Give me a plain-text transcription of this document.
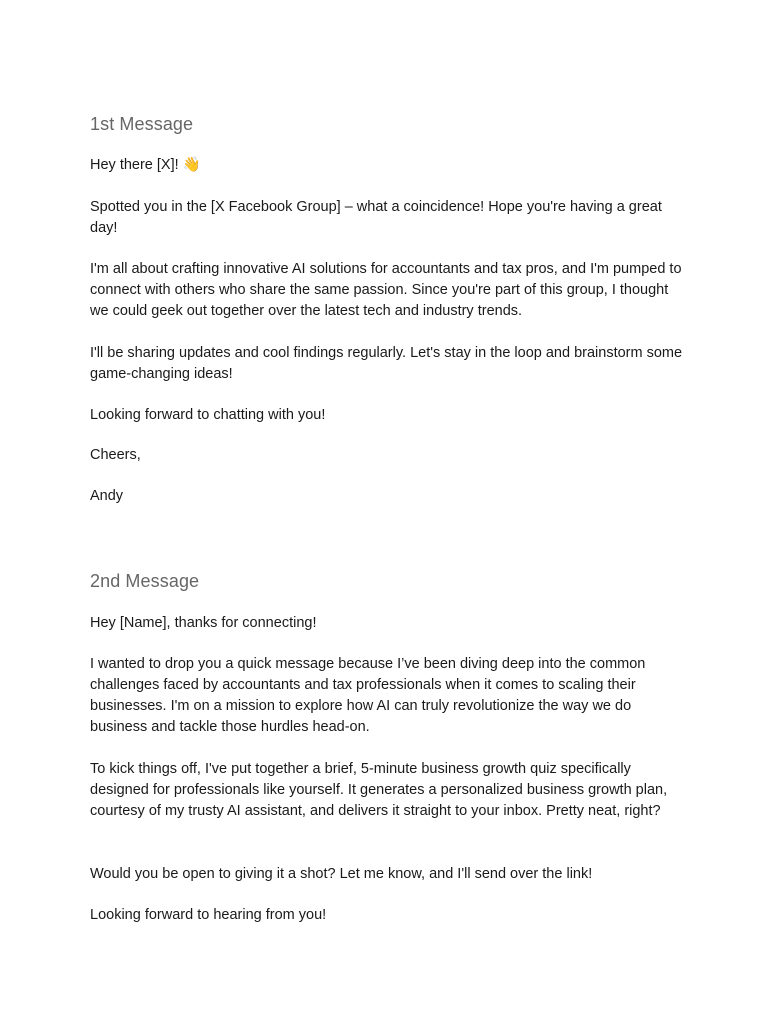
1st Message

Hey there [X]! 👋

Spotted you in the [X Facebook Group] – what a coincidence! Hope you're having a great day!

I'm all about crafting innovative AI solutions for accountants and tax pros, and I'm pumped to connect with others who share the same passion. Since you're part of this group, I thought we could geek out together over the latest tech and industry trends.

I'll be sharing updates and cool findings regularly. Let's stay in the loop and brainstorm some game-changing ideas!

Looking forward to chatting with you!

Cheers,

Andy

2nd Message

Hey [Name], thanks for connecting!

I wanted to drop you a quick message because I’ve been diving deep into the common challenges faced by accountants and tax professionals when it comes to scaling their businesses. I'm on a mission to explore how AI can truly revolutionize the way we do business and tackle those hurdles head-on.

To kick things off, I've put together a brief, 5-minute business growth quiz specifically designed for professionals like yourself. It generates a personalized business growth plan, courtesy of my trusty AI assistant, and delivers it straight to your inbox. Pretty neat, right?

Would you be open to giving it a shot? Let me know, and I'll send over the link!

Looking forward to hearing from you!
